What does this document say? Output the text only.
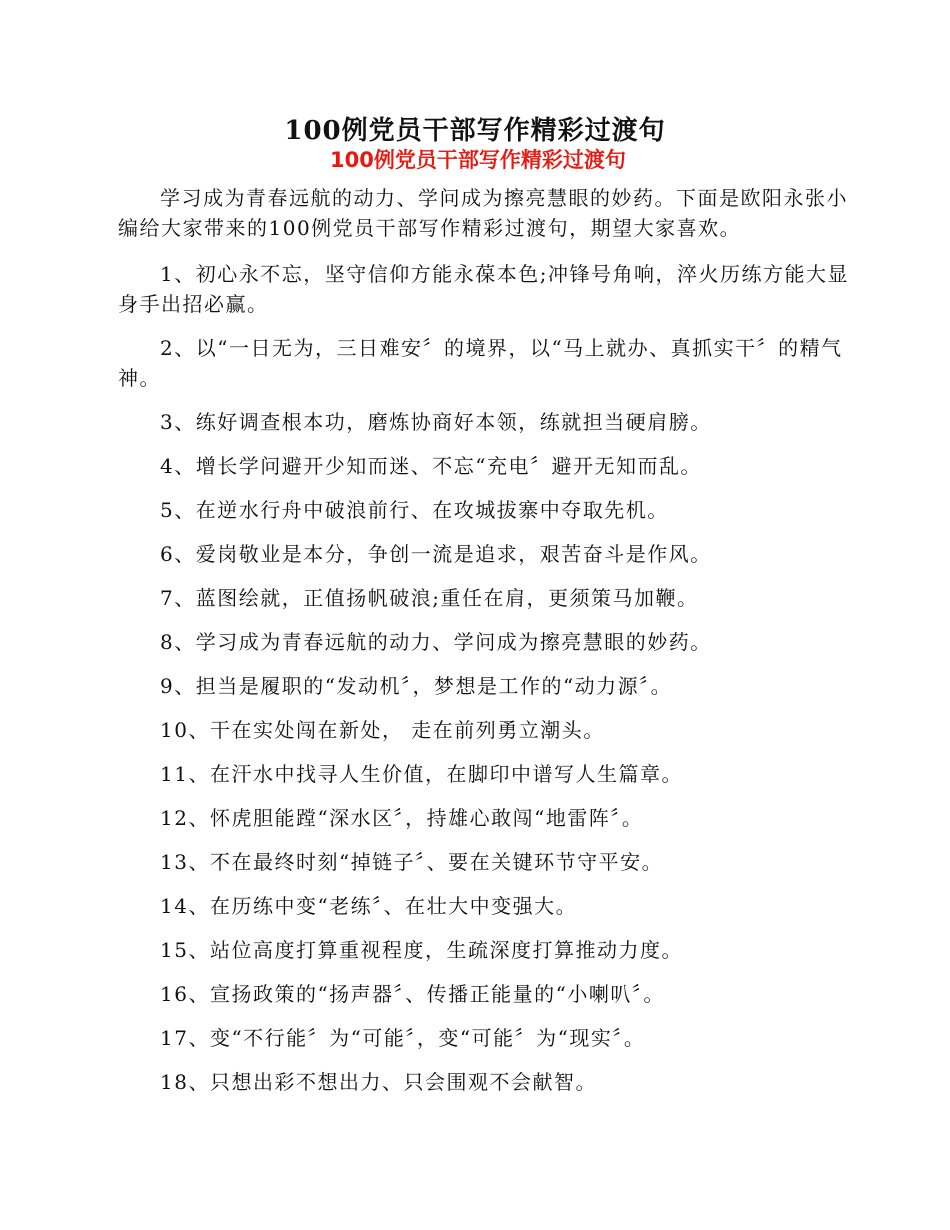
100例党员干部写作精彩过渡句
100例党员干部写作精彩过渡句

学习成为青春远航的动力、学问成为擦亮慧眼的妙药。下面是欧阳永张小编给大家带来的100例党员干部写作精彩过渡句，期望大家喜欢。

1、初心永不忘，坚守信仰方能永葆本色;冲锋号角响，淬火历练方能大显身手出招必赢。

2、以“一日无为，三日难安〞的境界，以“马上就办、真抓实干〞的精气神。

3、练好调查根本功，磨炼协商好本领，练就担当硬肩膀。

4、增长学问避开少知而迷、不忘“充电〞避开无知而乱。

5、在逆水行舟中破浪前行、在攻城拔寨中夺取先机。

6、爱岗敬业是本分，争创一流是追求，艰苦奋斗是作风。

7、蓝图绘就，正值扬帆破浪;重任在肩，更须策马加鞭。

8、学习成为青春远航的动力、学问成为擦亮慧眼的妙药。

9、担当是履职的“发动机〞，梦想是工作的“动力源〞。

10、干在实处闯在新处， 走在前列勇立潮头。

11、在汗水中找寻人生价值，在脚印中谱写人生篇章。

12、怀虎胆能蹚“深水区〞，持雄心敢闯“地雷阵〞。

13、不在最终时刻“掉链子〞、要在关键环节守平安。

14、在历练中变“老练〞、在壮大中变强大。

15、站位高度打算重视程度，生疏深度打算推动力度。

16、宣扬政策的“扬声器〞、传播正能量的“小喇叭〞。

17、变“不行能〞为“可能〞，变“可能〞为“现实〞。

18、只想出彩不想出力、只会围观不会献智。
